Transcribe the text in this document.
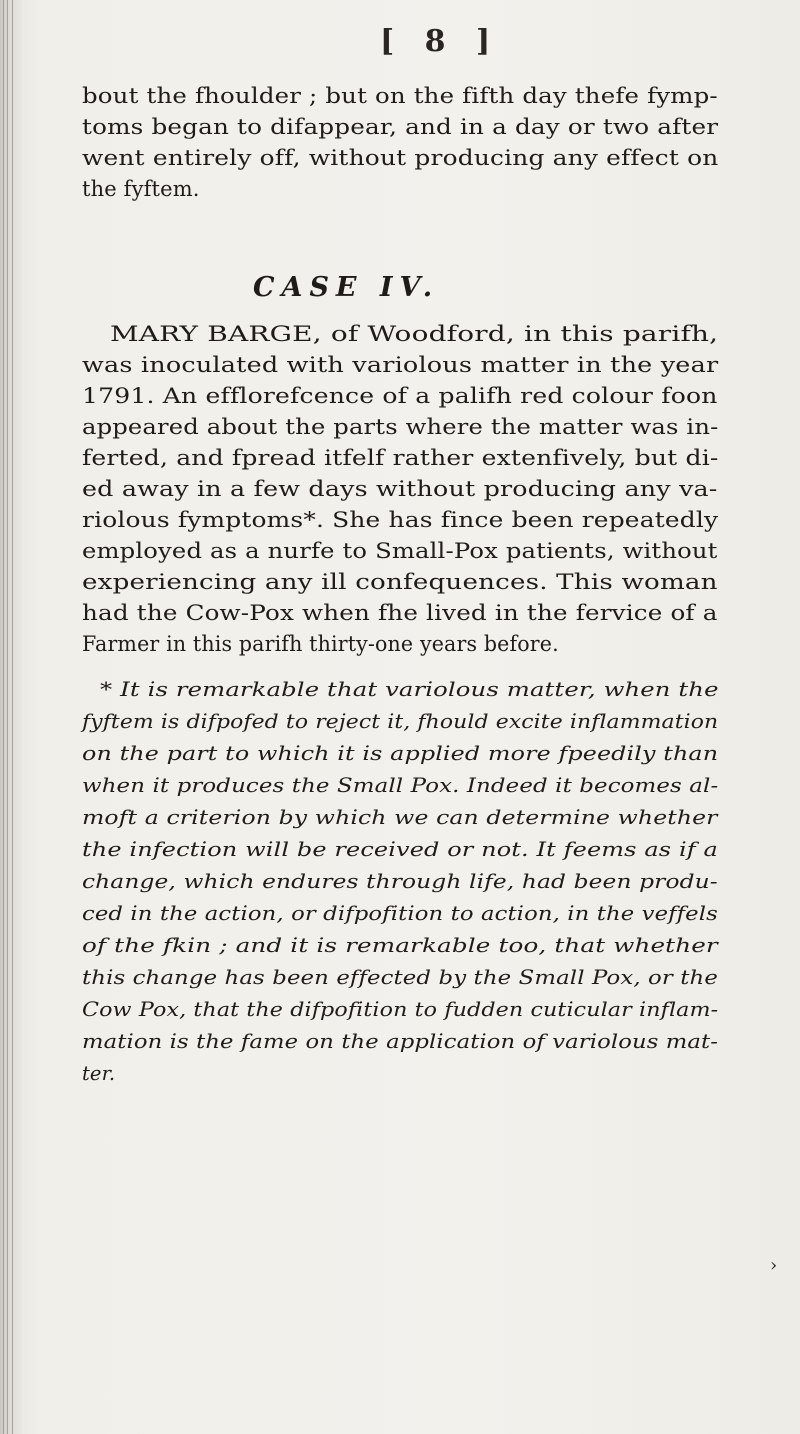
[ 8 ]
bout the fhoulder ; but on the fifth day thefe fymp-
toms began to difappear, and in a day or two after
went entirely off, without producing any effect on
the fyftem.
CASE IV.
MARY BARGE, of Woodford, in this parifh,
was inoculated with variolous matter in the year
1791. An efflorefcence of a palifh red colour foon
appeared about the parts where the matter was in-
ferted, and fpread itfelf rather extenfively, but di-
ed away in a few days without producing any va-
riolous fymptoms*. She has fince been repeatedly
employed as a nurfe to Small-Pox patients, without
experiencing any ill confequences. This woman
had the Cow-Pox when fhe lived in the fervice of a
Farmer in this parifh thirty-one years before.
* It is remarkable that variolous matter, when the
fyftem is difpofed to reject it, fhould excite inflammation
on the part to which it is applied more fpeedily than
when it produces the Small Pox. Indeed it becomes al-
moft a criterion by which we can determine whether
the infection will be received or not. It feems as if a
change, which endures through life, had been produ-
ced in the action, or difpofition to action, in the veffels
of the fkin ; and it is remarkable too, that whether
this change has been effected by the Small Pox, or the
Cow Pox, that the difpofition to fudden cuticular inflam-
mation is the fame on the application of variolous mat-
ter.
›
